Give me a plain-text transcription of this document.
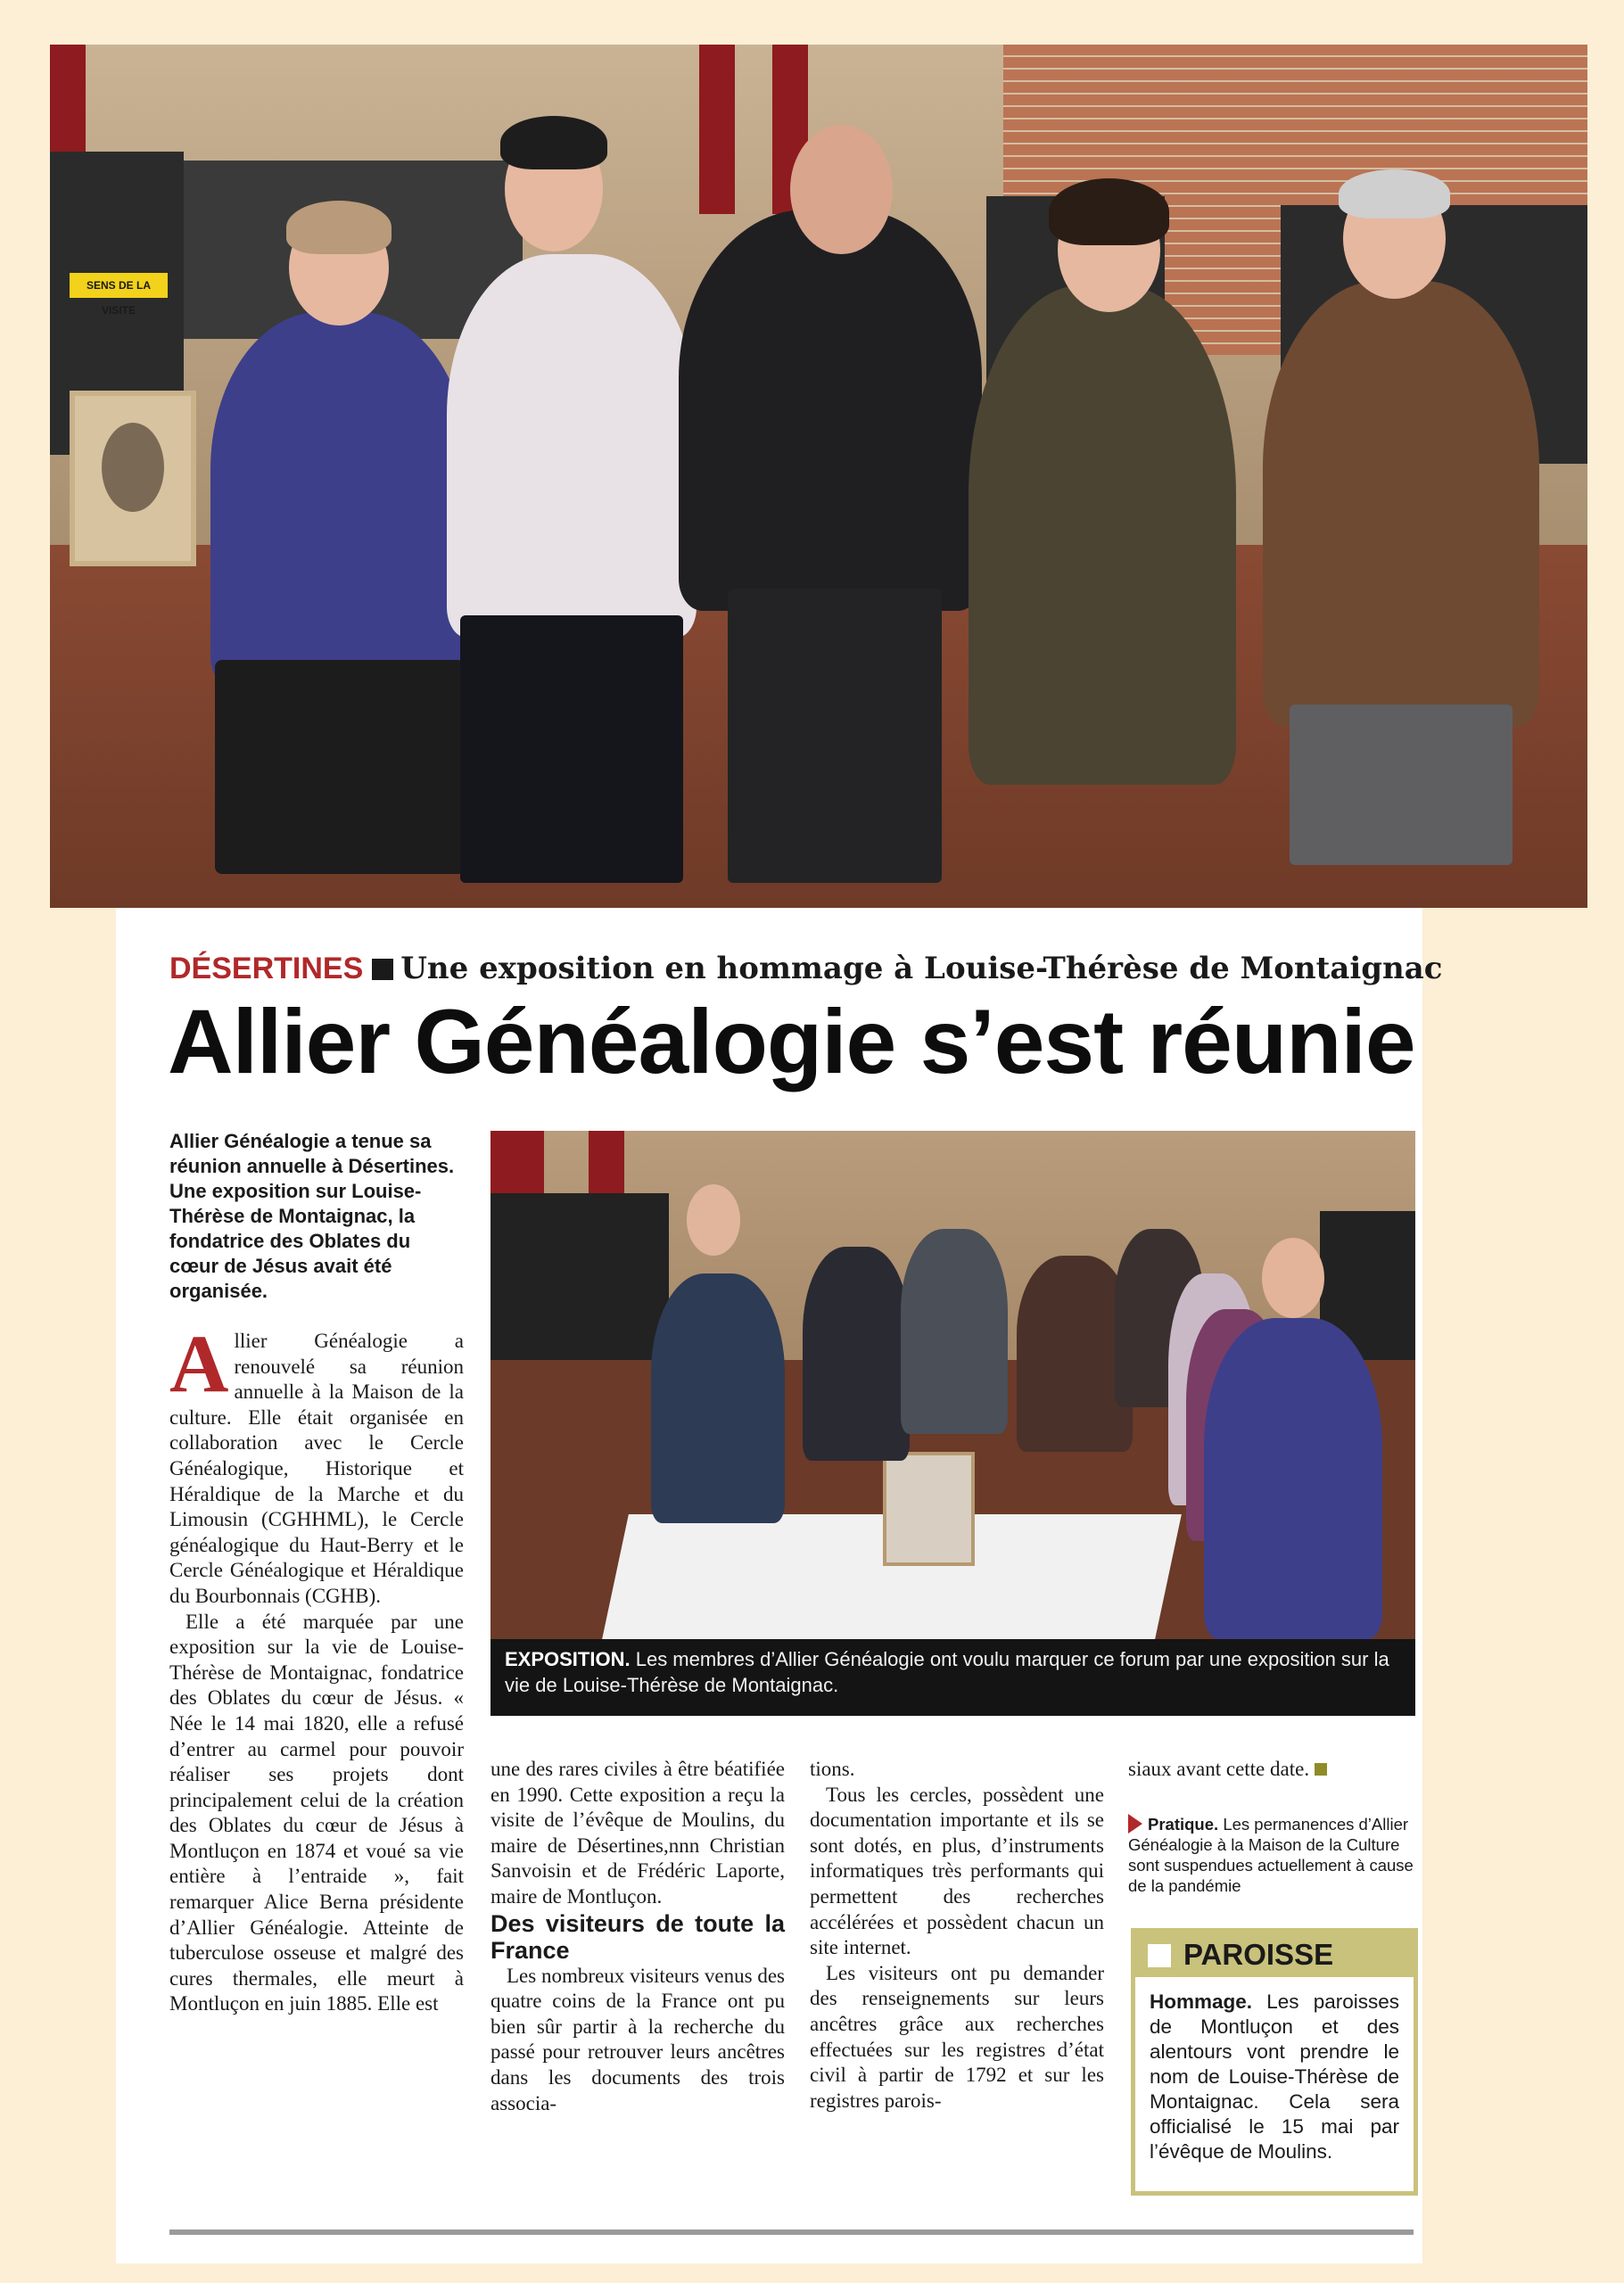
SENS DE LA VISITE
DÉSERTINES Une exposition en hommage à Louise-Thérèse de Montaignac
Allier Généalogie s’est réunie
Allier Généalogie a tenue sa réunion annuelle à Désertines. Une exposition sur Louise-Thérèse de Montaignac, la fondatrice des Oblates du cœur de Jésus avait été organisée.

Allier Généalogie a renouvelé sa réunion annuelle à la Maison de la culture. Elle était organisée en collaboration avec le Cercle Généalogique, Historique et Héraldique de la Marche et du Limousin (CGHHML), le Cercle généalogique du Haut-Berry et le Cercle Généalogique et Héraldique du Bourbonnais (CGHB).

Elle a été marquée par une exposition sur la vie de Louise-Thérèse de Montaignac, fondatrice des Oblates du cœur de Jésus. « Née le 14 mai 1820, elle a refusé d’entrer au carmel pour pouvoir réaliser ses projets dont principalement celui de la création des Oblates du cœur de Jésus à Montluçon en 1874 et voué sa vie entière à l’entraide », fait remarquer Alice Berna présidente d’Allier Généalogie. Atteinte de tuberculose osseuse et malgré des cures thermales, elle meurt à Montluçon en juin 1885. Elle est

EXPOSITION. Les membres d’Allier Généalogie ont voulu marquer ce forum par une exposition sur la vie de Louise-Thérèse de Montaignac.

une des rares civiles à être béatifiée en 1990. Cette exposition a reçu la visite de l’évêque de Moulins, du maire de Désertines,nnn Christian Sanvoisin et de Frédéric Laporte, maire de Montluçon.

Des visiteurs de toute la France

Les nombreux visiteurs venus des quatre coins de la France ont pu bien sûr partir à la recherche du passé pour retrouver leurs ancêtres dans les documents des trois associa-

tions.

Tous les cercles, possèdent une documentation importante et ils se sont dotés, en plus, d’instruments informatiques très performants qui permettent des recherches accélérées et possèdent chacun un site internet.

Les visiteurs ont pu demander des renseignements sur leurs ancêtres grâce aux recherches effectuées sur les registres d’état civil à partir de 1792 et sur les registres parois-

siaux avant cette date.

Pratique. Les permanences d’Allier Généalogie à la Maison de la Culture sont suspendues actuellement à cause de la pandémie
PAROISSE
Hommage. Les paroisses de Montluçon et des alentours vont prendre le nom de Louise-Thérèse de Montaignac. Cela sera officialisé le 15 mai par l’évêque de Moulins.
